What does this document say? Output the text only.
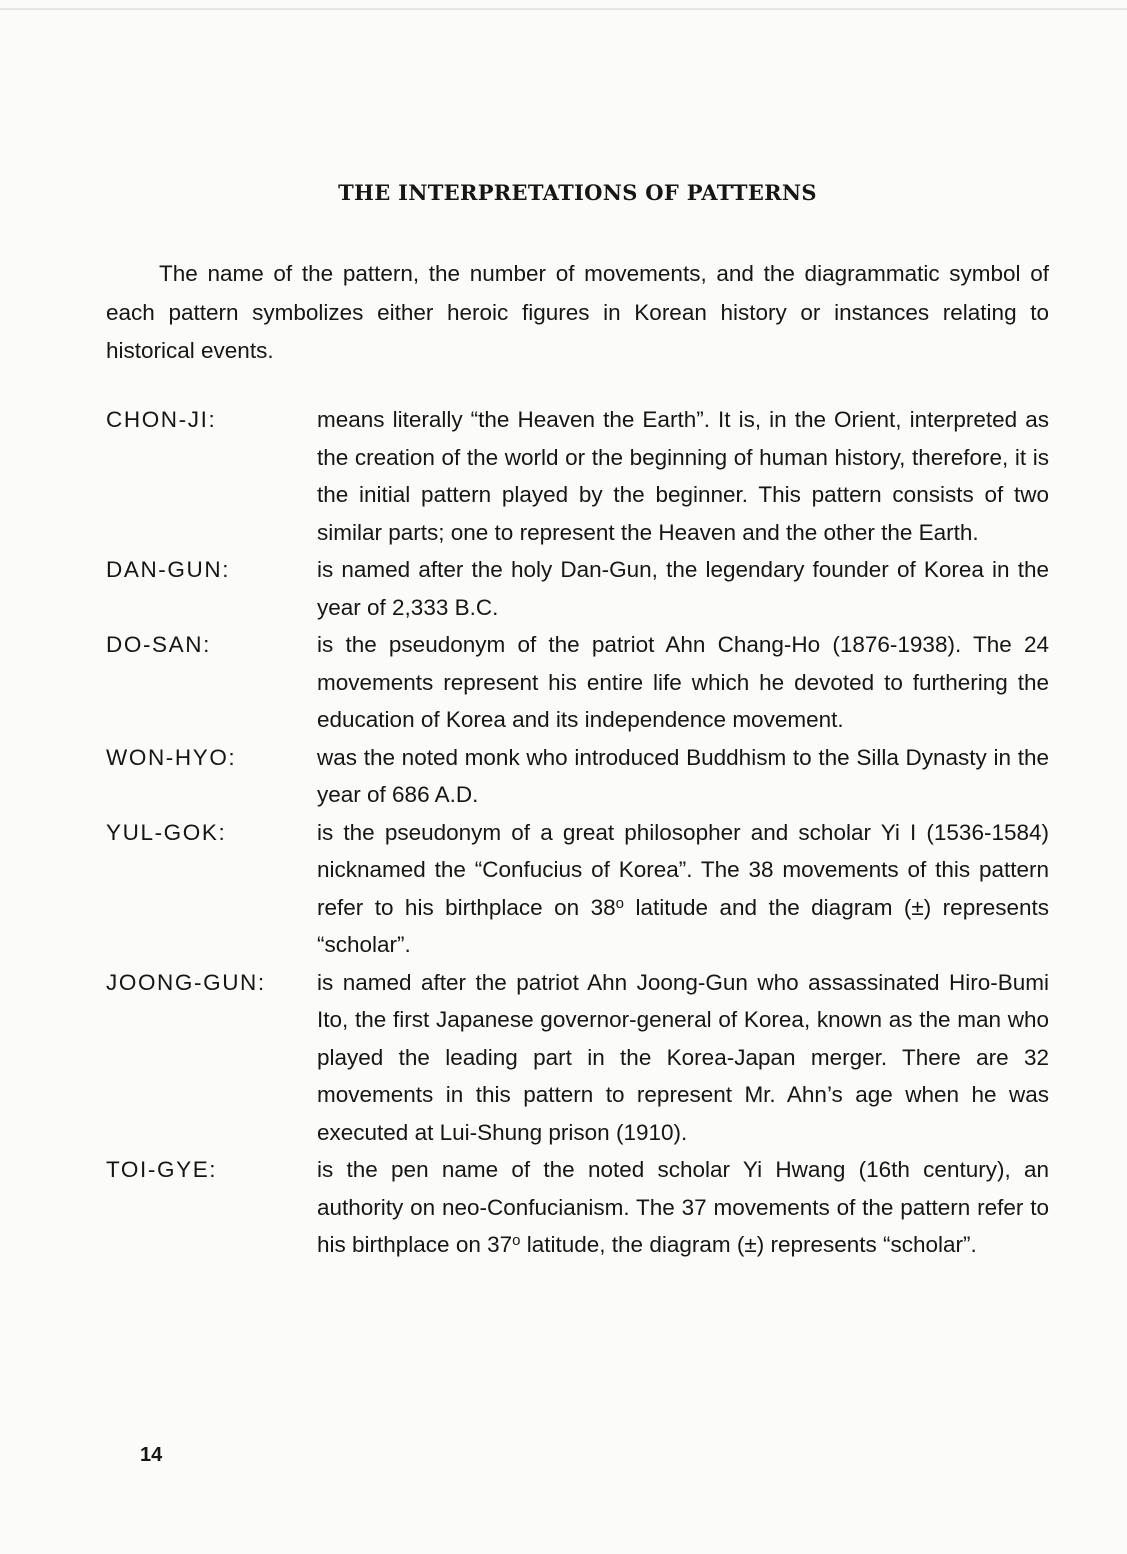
THE INTERPRETATIONS OF PATTERNS

The name of the pattern, the number of movements, and the diagrammatic symbol of each pattern symbolizes either heroic figures in Korean history or instances relating to historical events.

CHON-JI:	means literally “the Heaven the Earth”. It is, in the Orient, interpreted as the creation of the world or the beginning of human history, therefore, it is the initial pattern played by the beginner. This pattern consists of two similar parts; one to represent the Heaven and the other the Earth.
DAN-GUN:	is named after the holy Dan-Gun, the legendary founder of Korea in the year of 2,333 B.C.
DO-SAN:	is the pseudonym of the patriot Ahn Chang-Ho (1876-1938). The 24 movements represent his entire life which he devoted to furthering the education of Korea and its independence movement.
WON-HYO:	was the noted monk who introduced Buddhism to the Silla Dynasty in the year of 686 A.D.
YUL-GOK:	is the pseudonym of a great philosopher and scholar Yi I (1536-1584) nicknamed the “Confucius of Korea”. The 38 movements of this pattern refer to his birthplace on 38$^o$ latitude and the diagram (±) represents “scholar”.
JOONG-GUN:	is named after the patriot Ahn Joong-Gun who assassinated Hiro-Bumi Ito, the first Japanese governor-general of Korea, known as the man who played the leading part in the Korea-Japan merger. There are 32 movements in this pattern to represent Mr. Ahn’s age when he was executed at Lui-Shung prison (1910).
TOI-GYE:	is the pen name of the noted scholar Yi Hwang (16th century), an authority on neo-Confucianism. The 37 movements of the pattern refer to his birthplace on 37$^o$ latitude, the diagram (±) represents “scholar”.
14
